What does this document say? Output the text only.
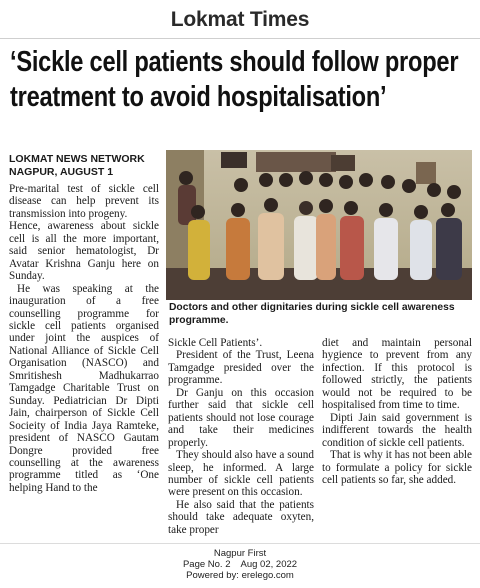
Lokmat Times
‘Sickle cell patients should follow proper
treatment to avoid hospitalisation’
LOKMAT NEWS NETWORK
NAGPUR, AUGUST 1

Pre-marital test of sickle cell disease can help prevent its transmission into progeny.

Hence, awareness about sickle cell is all the more important, said senior hematologist, Dr Avatar Krishna Ganju here on Sunday.

He was speaking at the inauguration of a free counselling programme for sickle cell patients organised under joint the auspices of National Alliance of Sickle Cell Organisation (NASCO) and Smritishesh Madhukarrao Tamgadge Charitable Trust on Sunday. Pediatrician Dr Dipti Jain, chairperson of Sickle Cell Socieity of India Jaya Ramteke, president of NASCO Gautam Dongre provided free counselling at the awareness programme titled as ‘One helping Hand to the

Doctors and other dignitaries during sickle cell awareness programme.

Sickle Cell Patients’.

President of the Trust, Leena Tamgadge presided over the programme.

Dr Ganju on this occasion further said that sickle cell patients should not lose courage and take their medicines properly.

They should also have a sound sleep, he informed. A large number of sickle cell patients were present on this occasion.

He also said that the patients should take adequate oxyten, take proper

diet and maintain personal hygience to prevent from any infection. If this protocol is followed strictly, the patients would not be required to be hospitalised from time to time.

Dipti Jain said government is indifferent towards the health condition of sickle cell patients.

That is why it has not been able to formulate a policy for sickle cell patients so far, she added.

Nagpur First
Page No. 2    Aug 02, 2022
Powered by: erelego.com
